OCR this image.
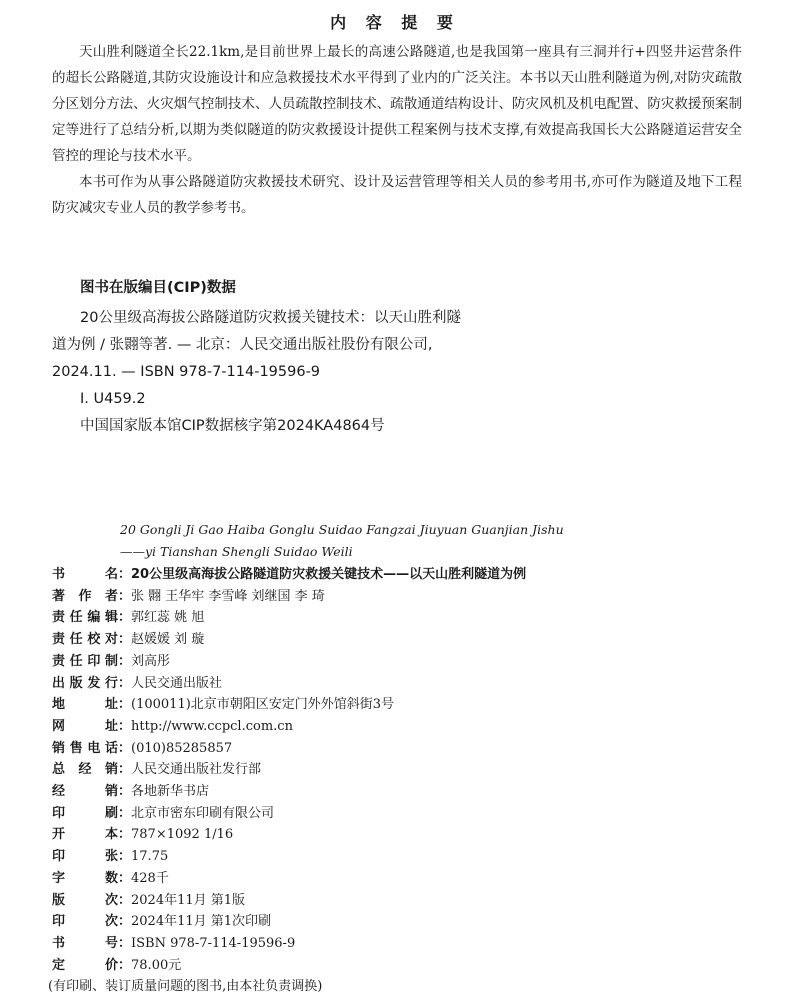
内 容 提 要

天山胜利隧道全长22.1km,是目前世界上最长的高速公路隧道,也是我国第一座具有三洞并行+四竖井运营条件的超长公路隧道,其防灾设施设计和应急救援技术水平得到了业内的广泛关注。本书以天山胜利隧道为例,对防灾疏散分区划分方法、火灾烟气控制技术、人员疏散控制技术、疏散通道结构设计、防灾风机及机电配置、防灾救援预案制定等进行了总结分析,以期为类似隧道的防灾救援设计提供工程案例与技术支撑,有效提高我国长大公路隧道运营安全管控的理论与技术水平。

本书可作为从事公路隧道防灾救援技术研究、设计及运营管理等相关人员的参考用书,亦可作为隧道及地下工程防灾减灾专业人员的教学参考书。

图书在版编目(CIP)数据
20公里级高海拔公路隧道防灾救援关键技术：以天山胜利隧道为例 / 张翾等著. — 北京：人民交通出版社股份有限公司, 2024.11. — ISBN 978-7-114-19596-9
Ⅰ. U459.2
中国国家版本馆CIP数据核字第2024KA4864号
20 Gongli Ji Gao Haiba Gonglu Suidao Fangzai Jiuyuan Guanjian Jishu
——yi Tianshan Shengli Suidao Weili
书	名 ： 20公里级高海拔公路隧道防灾救援关键技术——以天山胜利隧道为例
著 作 者 ： 张 翾 王华牢 李雪峰 刘继国 李 琦
责 任 编 辑 ： 郭红蕊 姚 旭
责 任 校 对 ： 赵媛媛 刘 璇
责 任 印 制 ： 刘高彤
出 版 发 行 ： 人民交通出版社
地	址 ： (100011)北京市朝阳区安定门外外馆斜街3号
网	址 ： http://www.ccpcl.com.cn
销 售 电 话 ： (010)85285857
总 经 销 ： 人民交通出版社发行部
经	销 ： 各地新华书店
印	刷 ： 北京市密东印刷有限公司
开	本 ： 787×1092 1/16
印	张 ： 17.75
字	数 ： 428千
版	次 ： 2024年11月 第1版
印	次 ： 2024年11月 第1次印刷
书	号 ： ISBN 978-7-114-19596-9
定	价 ： 78.00元
(有印刷、装订质量问题的图书,由本社负责调换)
